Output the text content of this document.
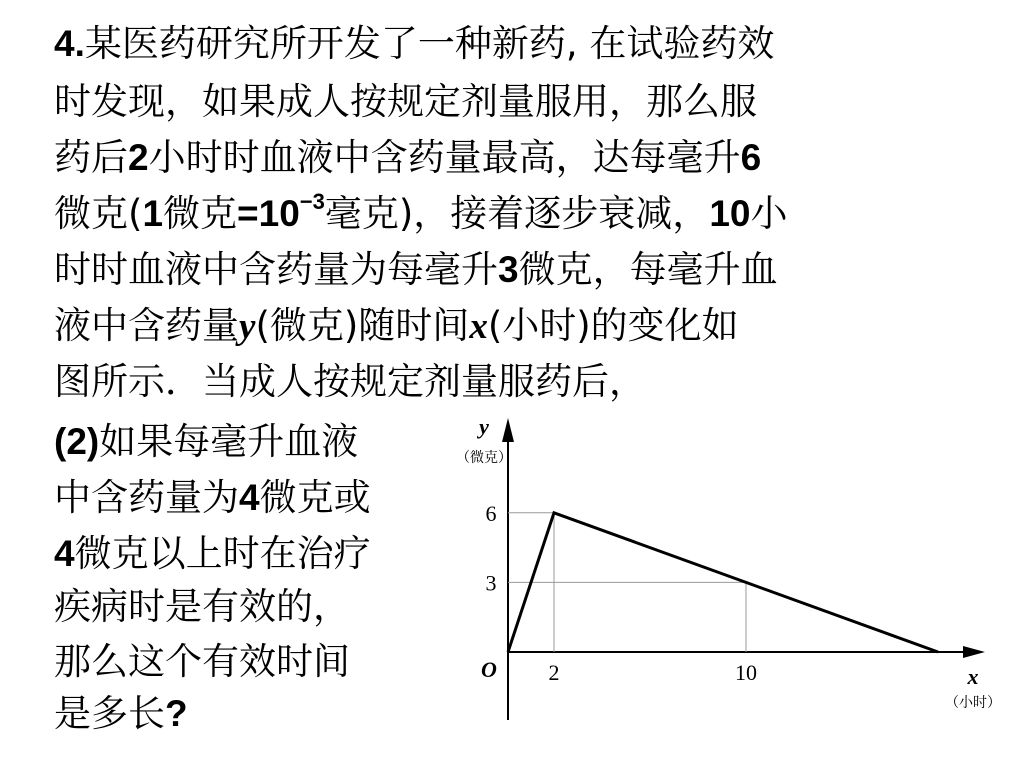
4.某医药研究所开发了一种新药, 在试验药效
时发现，如果成人按规定剂量服用，那么服
药后2小时时血液中含药量最高，达每毫升6
微克(1微克$=10^{-3}$毫克)，接着逐步衰减，10小
时时血液中含药量为每毫升3微克，每毫升血
液中含药量y(微克)随时间x(小时)的变化如
图所示．当成人按规定剂量服药后，
(2)如果每毫升血液
中含药量为4微克或
4微克以上时在治疗
疾病时是有效的，
那么这个有效时间
是多长?
y
（微克）
x
（小时）
O 2	10
6
3
